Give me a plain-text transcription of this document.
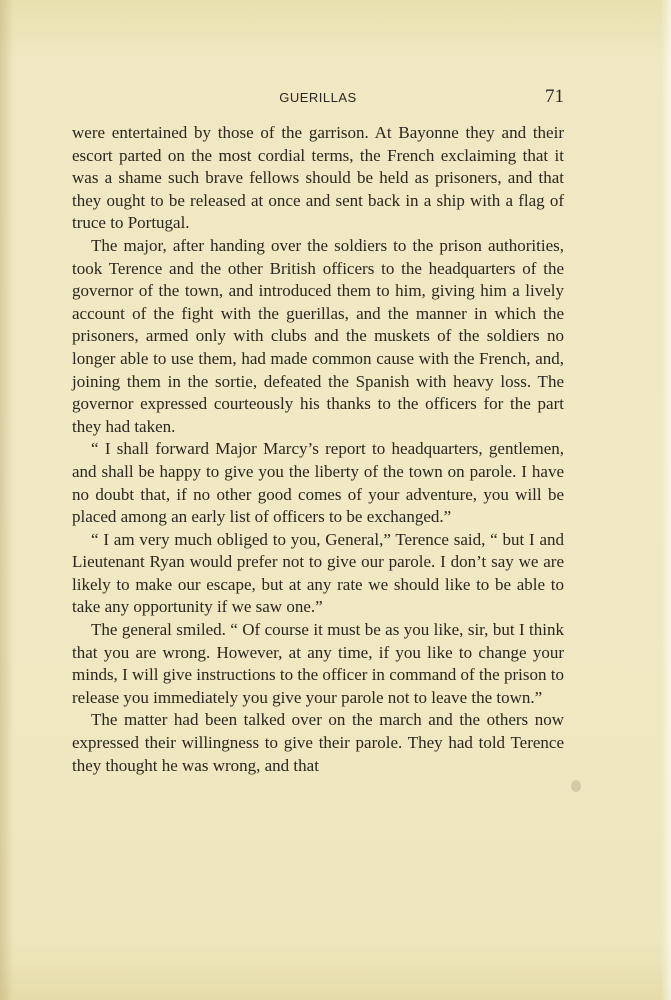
GUERILLAS	71

were entertained by those of the garrison. At Bayonne they and their escort parted on the most cordial terms, the French exclaiming that it was a shame such brave fellows should be held as prisoners, and that they ought to be released at once and sent back in a ship with a flag of truce to Portugal.

The major, after handing over the soldiers to the prison authorities, took Terence and the other British officers to the headquarters of the governor of the town, and introduced them to him, giving him a lively account of the fight with the guerillas, and the manner in which the prisoners, armed only with clubs and the muskets of the soldiers no longer able to use them, had made common cause with the French, and, joining them in the sortie, defeated the Spanish with heavy loss. The governor expressed courteously his thanks to the officers for the part they had taken.

“ I shall forward Major Marcy’s report to headquarters, gentlemen, and shall be happy to give you the liberty of the town on parole. I have no doubt that, if no other good comes of your adventure, you will be placed among an early list of officers to be exchanged.”

“ I am very much obliged to you, General,” Terence said, “ but I and Lieutenant Ryan would prefer not to give our parole. I don’t say we are likely to make our escape, but at any rate we should like to be able to take any opportunity if we saw one.”

The general smiled. “ Of course it must be as you like, sir, but I think that you are wrong. However, at any time, if you like to change your minds, I will give instructions to the officer in command of the prison to release you immediately you give your parole not to leave the town.”

The matter had been talked over on the march and the others now expressed their willingness to give their parole. They had told Terence they thought he was wrong, and that
